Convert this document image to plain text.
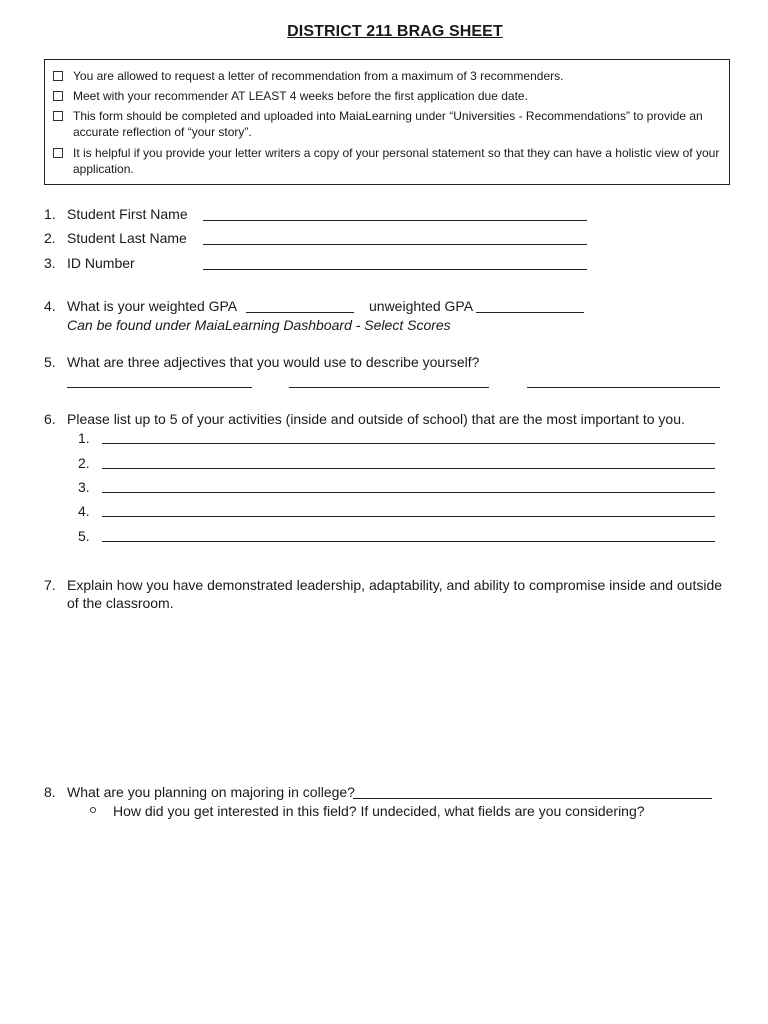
DISTRICT 211 BRAG SHEET
You are allowed to request a letter of recommendation from a maximum of 3 recommenders.
Meet with your recommender AT LEAST 4 weeks before the first application due date.
This form should be completed and uploaded into MaiaLearning under “Universities - Recommendations” to provide an accurate reflection of “your story”.
It is helpful if you provide your letter writers a copy of your personal statement so that they can have a holistic view of your application.
1. Student First Name
2. Student Last Name
3. ID Number
4. What is your weighted GPA	unweighted GPA
Can be found under MaiaLearning Dashboard - Select Scores
5. What are three adjectives that you would use to describe yourself?
6. Please list up to 5 of your activities (inside and outside of school) that are the most important to you.
1.
2.
3.
4.
5.
7. Explain how you have demonstrated leadership, adaptability, and ability to compromise inside and outside of the classroom.
8. What are you planning on majoring in college?
How did you get interested in this field? If undecided, what fields are you considering?
